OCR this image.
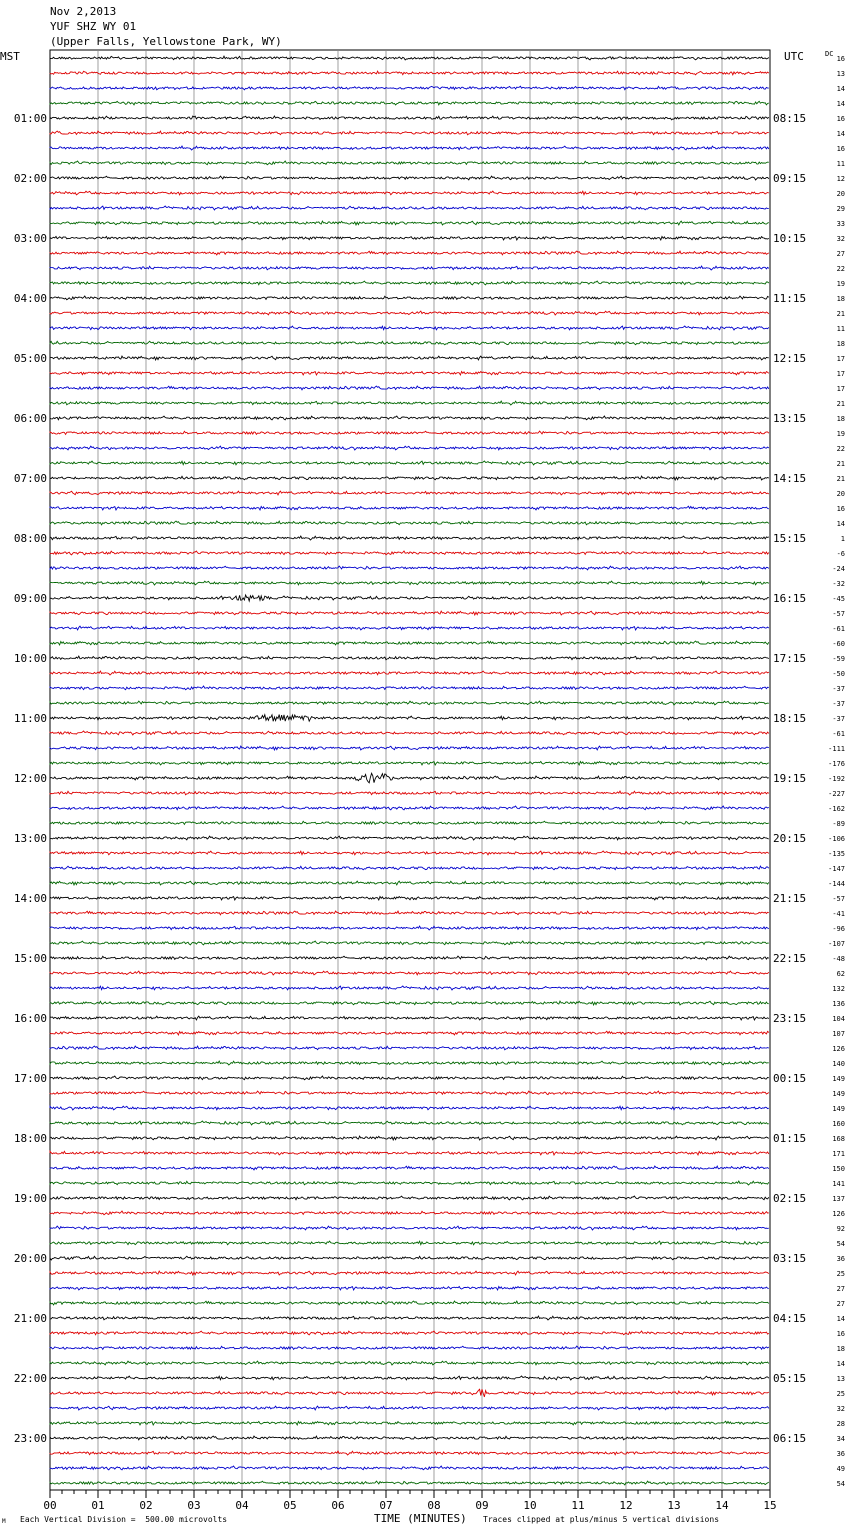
Nov 2,2013
YUF SHZ WY 01
(Upper Falls, Yellowstone Park, WY)
16
13
14
14
16
14
16
11
12
20
29
33
32
27
22
19
18
21
11
18
17
17
17
21
18
19
22
21
21
20
16
14
1
-6
-24
-32
-45
-57
-61
-60
-59
-50
-37
-37
-37
-61
-111
-176
-192
-227
-162
-89
-106
-135
-147
-144
-57
-41
-96
-107
-48
62
132
136
104
107
126
140
149
149
149
160
168
171
150
141
137
126
92
54
36
25
27
27
14
16
18
14
13
25
32
28
34
36
49
54
01:00
02:00
03:00
04:00
05:00
06:00
07:00
08:00
09:00
10:00
11:00
12:00
13:00
14:00
15:00
16:00
17:00
18:00
19:00
20:00
21:00
22:00
23:00
08:15
09:15
10:15
11:15
12:15
13:15
14:15
15:15
16:15
17:15
18:15
19:15
20:15
21:15
22:15
23:15
00:15
01:15
02:15
03:15
04:15
05:15
06:15
00	01	02	03	04	05	06	07	08	09	10	11	12	13	14	15
MST	UTC	DC
M Each Vertical Division =  500.00 microvolts	TIME (MINUTES) Traces clipped at plus/minus 5 vertical divisions
